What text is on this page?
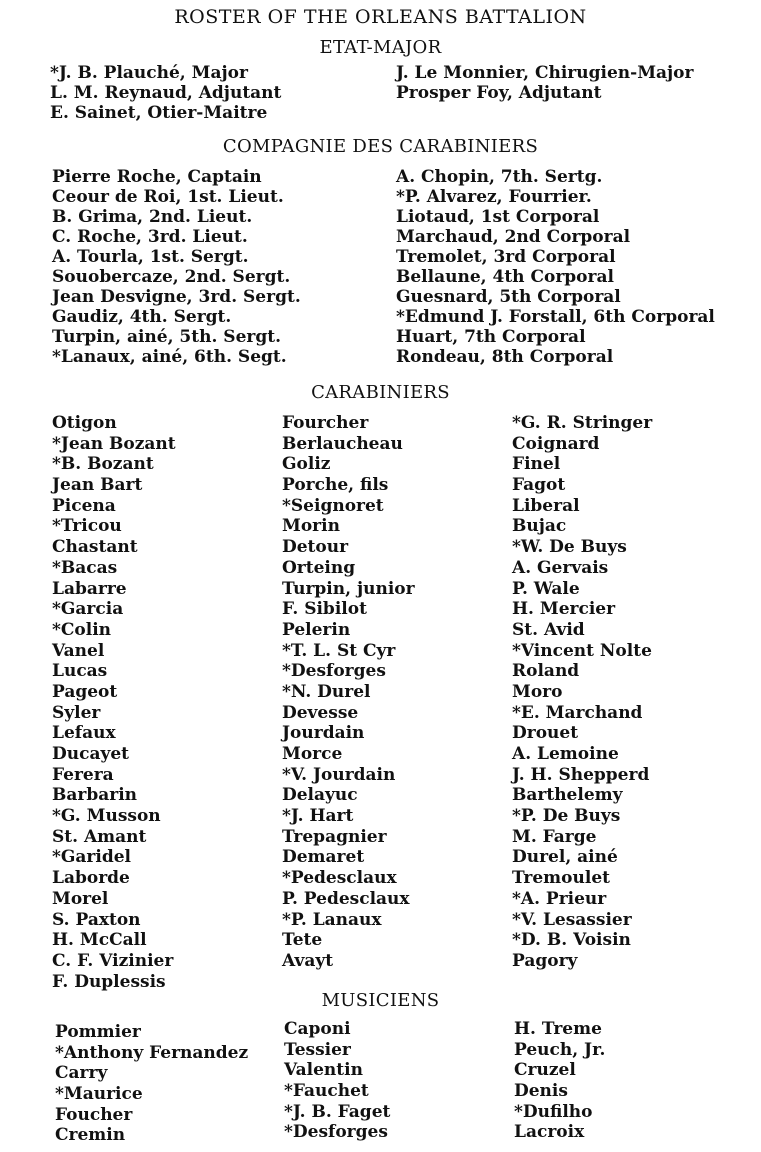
ROSTER OF THE ORLEANS BATTALION
ETAT-MAJOR
*J. B. Plauché, Major
L. M. Reynaud, Adjutant
E. Sainet, Otier-Maitre
J. Le Monnier, Chirugien-Major
Prosper Foy, Adjutant
COMPAGNIE DES CARABINIERS
Pierre Roche, Captain
Ceour de Roi, 1st. Lieut.
B. Grima, 2nd. Lieut.
C. Roche, 3rd. Lieut.
A. Tourla, 1st. Sergt.
Souobercaze, 2nd. Sergt.
Jean Desvigne, 3rd. Sergt.
Gaudiz, 4th. Sergt.
Turpin, ainé, 5th. Sergt.
*Lanaux, ainé, 6th. Segt.
A. Chopin, 7th. Sertg.
*P. Alvarez, Fourrier.
Liotaud, 1st Corporal
Marchaud, 2nd Corporal
Tremolet, 3rd Corporal
Bellaune, 4th Corporal
Guesnard, 5th Corporal
*Edmund J. Forstall, 6th Corporal
Huart, 7th Corporal
Rondeau, 8th Corporal
CARABINIERS
Otigon
*Jean Bozant
*B. Bozant
Jean Bart
Picena
*Tricou
Chastant
*Bacas
Labarre
*Garcia
*Colin
Vanel
Lucas
Pageot
Syler
Lefaux
Ducayet
Ferera
Barbarin
*G. Musson
St. Amant
*Garidel
Laborde
Morel
S. Paxton
H. McCall
C. F. Vizinier
F. Duplessis
Fourcher
Berlaucheau
Goliz
Porche, fils
*Seignoret
Morin
Detour
Orteing
Turpin, junior
F. Sibilot
Pelerin
*T. L. St Cyr
*Desforges
*N. Durel
Devesse
Jourdain
Morce
*V. Jourdain
Delayuc
*J. Hart
Trepagnier
Demaret
*Pedesclaux
P. Pedesclaux
*P. Lanaux
Tete
Avayt
*G. R. Stringer
Coignard
Finel
Fagot
Liberal
Bujac
*W. De Buys
A. Gervais
P. Wale
H. Mercier
St. Avid
*Vincent Nolte
Roland
Moro
*E. Marchand
Drouet
A. Lemoine
J. H. Shepperd
Barthelemy
*P. De Buys
M. Farge
Durel, ainé
Tremoulet
*A. Prieur
*V. Lesassier
*D. B. Voisin
Pagory
MUSICIENS
Pommier
*Anthony Fernandez
Carry
*Maurice
Foucher
Cremin
Caponi
Tessier
Valentin
*Fauchet
*J. B. Faget
*Desforges
H. Treme
Peuch, Jr.
Cruzel
Denis
*Dufilho
Lacroix
